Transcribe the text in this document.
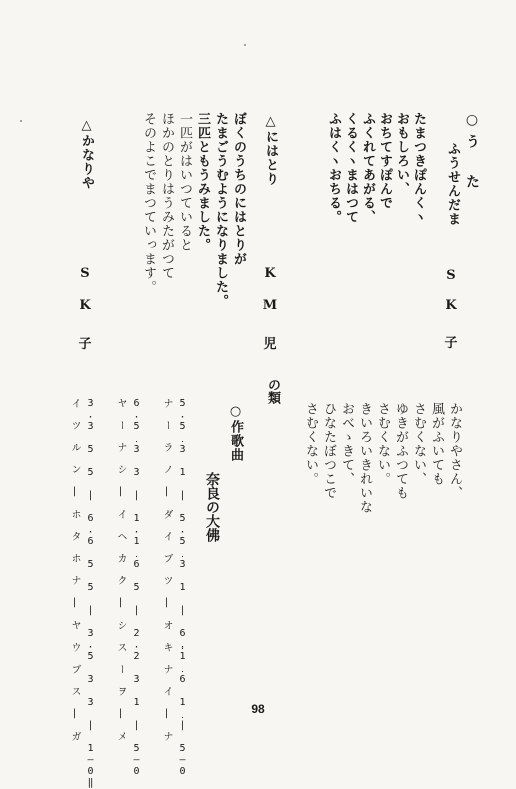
○う　た
ふうせんだま
たまつきぽんくヽ
おもしろい、
おちてすぽんで
ふくれてあがる、
くるくヽまはつて
ふはくヽおちる。
S
K
子
△にはとり
ぼくのうちのにはとりが
たまごうむようになりました。
三匹ともうみました。
一匹がはいつていると
ほかのとりはうみたがつて
そのよこでまつていっます。	K
M
児
△かなりや
S
K
子
かなりやさん、
風がふいても
さむくない、
ゆきがふつても
さむくない。
きいろいきれいな
おべゝきて、
ひなたぼつこで
さむくない。
の類
○作歌曲
奈良の大佛
5.5̣ 3 1 | 5.5̣ 3 1 | 6̣.1̣ 6 1̣ | 5—0
ナ ー ラ ノ | ダ イ ブ ツ | オ キ ナ イ | ナ
6.5̣ 3 3 | 1.1̣ 6 5 | 2.2 3 1 | 5—0
ヤ ー ナ シ | イ ヘ カ ク | シ ス ー ヲ | メ
3.3 5 5 | 6.6 5 5 | 3.5 3 3 | 1—0‖
イ ツ ル ン | ホ タ ホ ナ | ヤ ウ ブ ス | ガ	98
